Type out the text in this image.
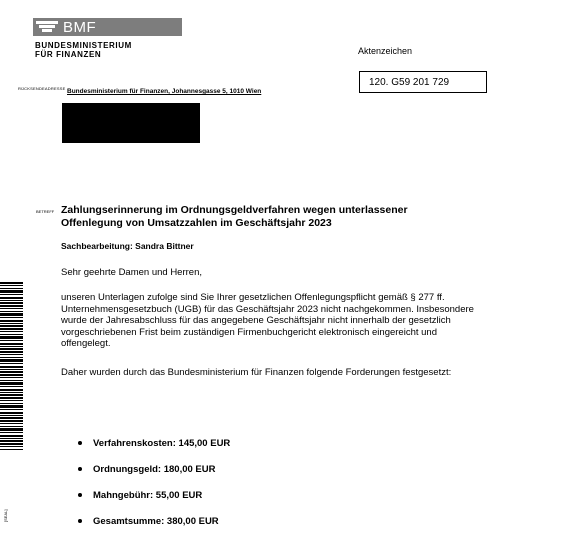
BMF
BUNDESMINISTERIUM
FÜR FINANZEN	Aktenzeichen
120. G59 201 729
RÜCKSENDEADRESSE Bundesministerium für Finanzen, Johannesgasse 5, 1010 Wien
BETREFF Zahlungserinnerung im Ordnungsgeldverfahren wegen unterlassener Offenlegung von Umsatzzahlen im Geschäftsjahr 2023
Sachbearbeitung: Sandra Bittner
Sehr geehrte Damen und Herren,
unseren Unterlagen zufolge sind Sie Ihrer gesetzlichen Offenlegungspflicht gemäß § 277 ff. Unternehmensgesetzbuch (UGB) für das Geschäftsjahr 2023 nicht nachgekommen. Insbesondere wurde der Jahresabschluss für das angegebene Geschäftsjahr nicht innerhalb der gesetzlich vorgeschriebenen Frist beim zuständigen Firmenbuchgericht elektronisch eingereicht und offengelegt.
Daher wurden durch das Bundesministerium für Finanzen folgende Forderungen festgesetzt:
Verfahrenskosten: 145,00 EUR
Ordnungsgeld: 180,00 EUR
Mahngebühr: 55,00 EUR
Gesamtsumme: 380,00 EUR
[SEAL]
